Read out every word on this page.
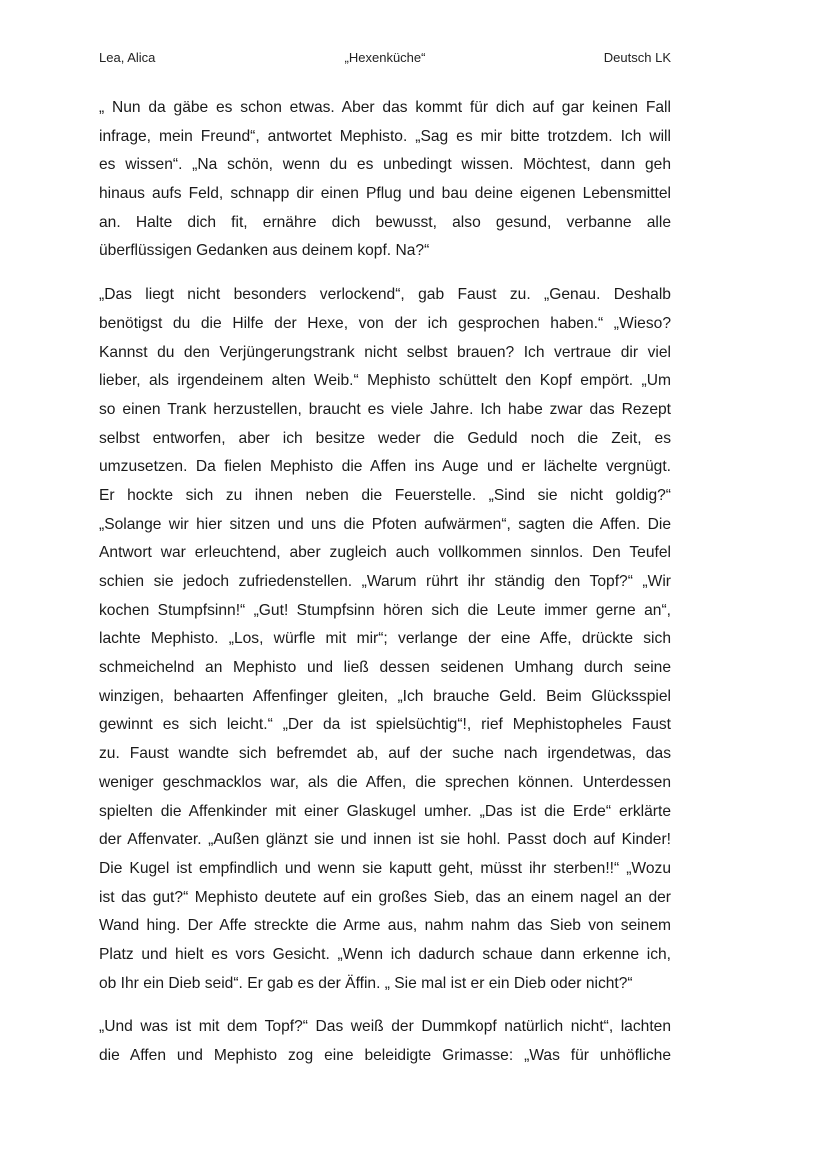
Lea, Alica	„Hexenküche“	Deutsch LK
„ Nun da gäbe es schon etwas. Aber das kommt für dich auf gar keinen Fall
infrage, mein Freund“, antwortet Mephisto. „Sag es mir bitte trotzdem. Ich will
es wissen“. „Na schön, wenn du es unbedingt wissen. Möchtest, dann geh
hinaus aufs Feld, schnapp dir einen Pflug und bau deine eigenen Lebensmittel
an. Halte dich fit, ernähre dich bewusst, also gesund, verbanne alle
überflüssigen Gedanken aus deinem kopf. Na?“
„Das liegt nicht besonders verlockend“, gab Faust zu. „Genau. Deshalb
benötigst du die Hilfe der Hexe, von der ich gesprochen haben.“ „Wieso?
Kannst du den Verjüngerungstrank nicht selbst brauen? Ich vertraue dir viel
lieber, als irgendeinem alten Weib.“ Mephisto schüttelt den Kopf empört. „Um
so einen Trank herzustellen, braucht es viele Jahre. Ich habe zwar das Rezept
selbst entworfen, aber ich besitze weder die Geduld noch die Zeit, es
umzusetzen. Da fielen Mephisto die Affen ins Auge und er lächelte vergnügt.
Er hockte sich zu ihnen neben die Feuerstelle. „Sind sie nicht goldig?“
„Solange wir hier sitzen und uns die Pfoten aufwärmen“, sagten die Affen. Die
Antwort war erleuchtend, aber zugleich auch vollkommen sinnlos. Den Teufel
schien sie jedoch zufriedenstellen. „Warum rührt ihr ständig den Topf?“ „Wir
kochen Stumpfsinn!“ „Gut! Stumpfsinn hören sich die Leute immer gerne an“,
lachte Mephisto. „Los, würfle mit mir“; verlange der eine Affe, drückte sich
schmeichelnd an Mephisto und ließ dessen seidenen Umhang durch seine
winzigen, behaarten Affenfinger gleiten, „Ich brauche Geld. Beim Glücksspiel
gewinnt es sich leicht.“ „Der da ist spielsüchtig“!, rief Mephistopheles Faust
zu. Faust wandte sich befremdet ab, auf der suche nach irgendetwas, das
weniger geschmacklos war, als die Affen, die sprechen können. Unterdessen
spielten die Affenkinder mit einer Glaskugel umher. „Das ist die Erde“ erklärte
der Affenvater. „Außen glänzt sie und innen ist sie hohl. Passt doch auf Kinder!
Die Kugel ist empfindlich und wenn sie kaputt geht, müsst ihr sterben!!“ „Wozu
ist das gut?“ Mephisto deutete auf ein großes Sieb, das an einem nagel an der
Wand hing. Der Affe streckte die Arme aus, nahm nahm das Sieb von seinem
Platz und hielt es vors Gesicht. „Wenn ich dadurch schaue dann erkenne ich,
ob Ihr ein Dieb seid“. Er gab es der Äffin. „ Sie mal ist er ein Dieb oder nicht?“
„Und was ist mit dem Topf?“ Das weiß der Dummkopf natürlich nicht“, lachten
die Affen und Mephisto zog eine beleidigte Grimasse: „Was für unhöfliche
